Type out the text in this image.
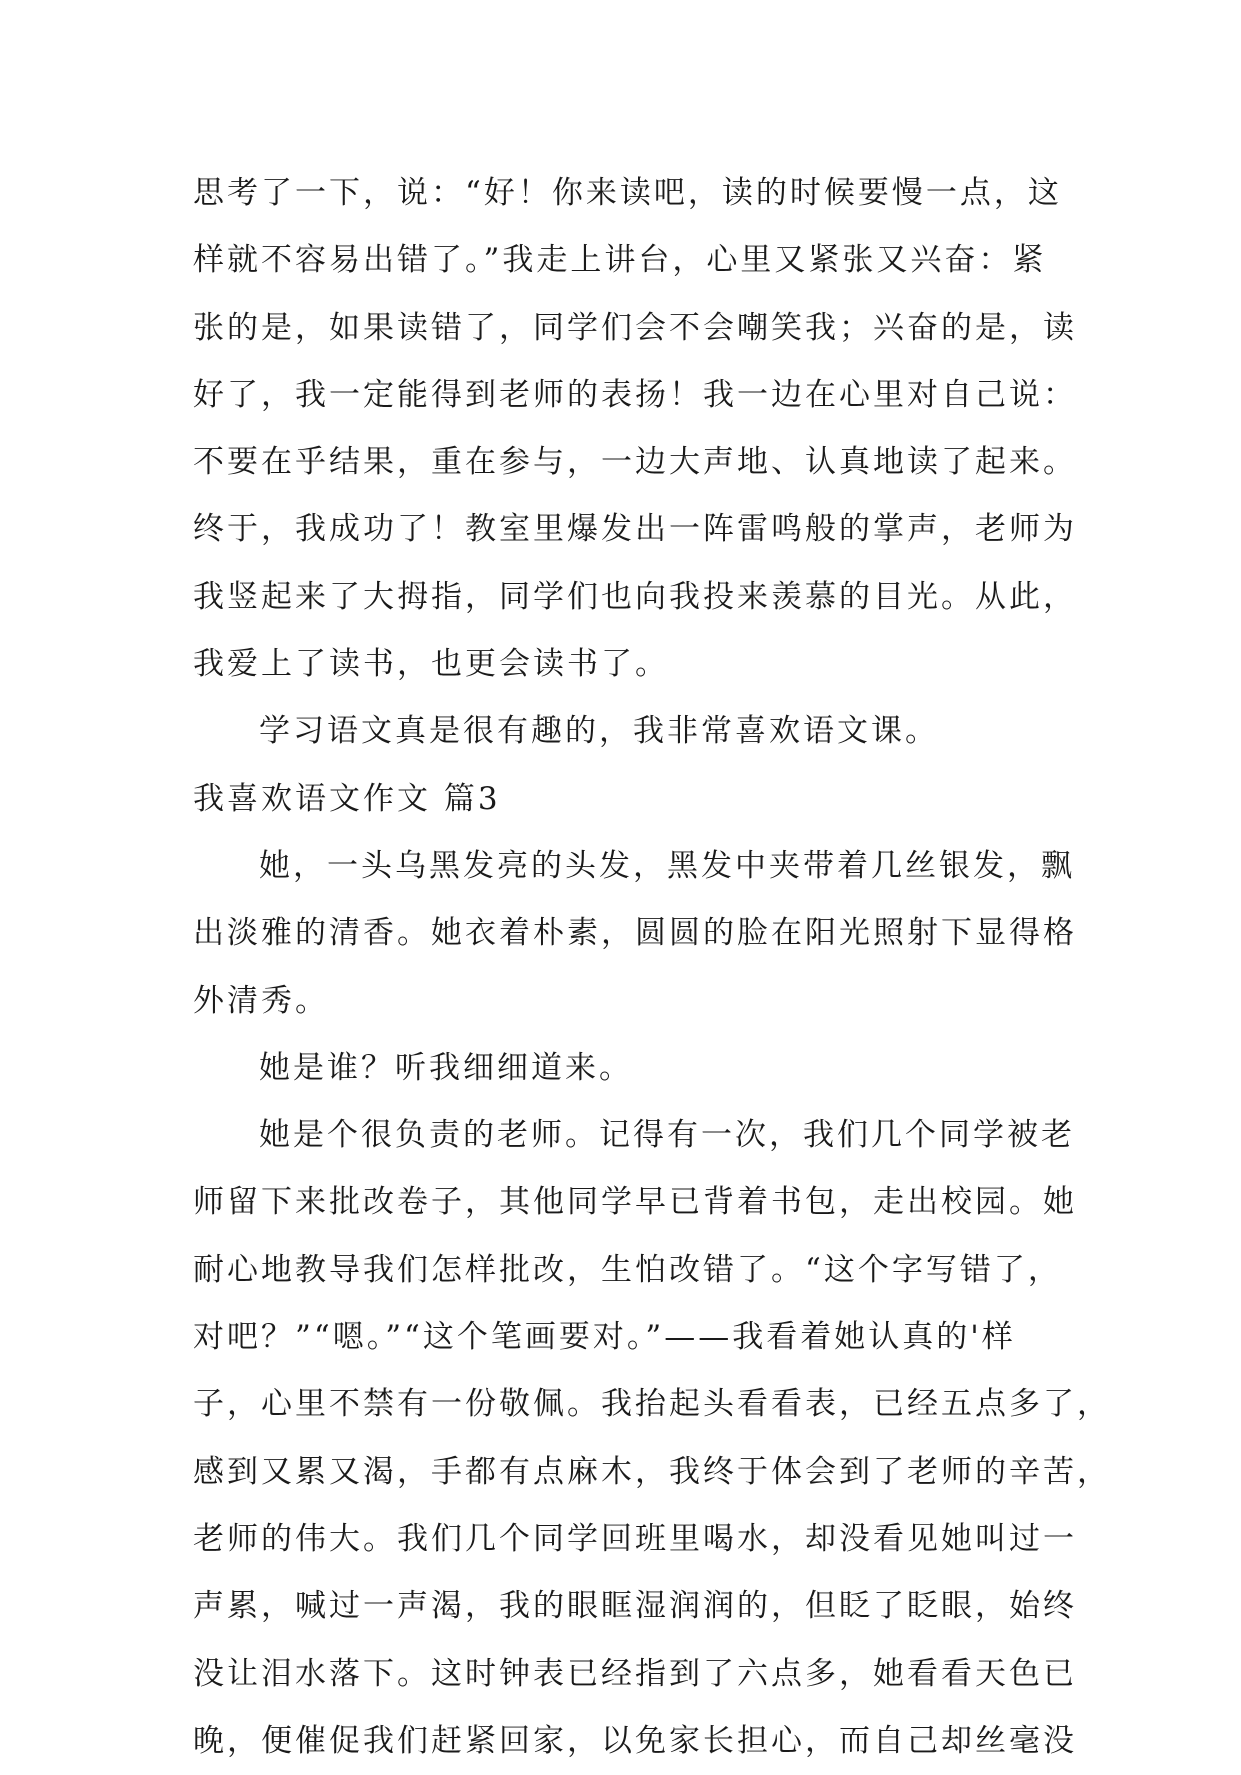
思考了一下，说：“好！你来读吧，读的时候要慢一点，这
样就不容易出错了。”我走上讲台，心里又紧张又兴奋：紧
张的是，如果读错了，同学们会不会嘲笑我；兴奋的是，读
好了，我一定能得到老师的表扬！我一边在心里对自己说：
不要在乎结果，重在参与，一边大声地、认真地读了起来。
终于，我成功了！教室里爆发出一阵雷鸣般的掌声，老师为
我竖起来了大拇指，同学们也向我投来羡慕的目光。从此，
我爱上了读书，也更会读书了。
学习语文真是很有趣的，我非常喜欢语文课。
我喜欢语文作文 篇3
她，一头乌黑发亮的头发，黑发中夹带着几丝银发，飘
出淡雅的清香。她衣着朴素，圆圆的脸在阳光照射下显得格
外清秀。
她是谁？听我细细道来。
她是个很负责的老师。记得有一次，我们几个同学被老
师留下来批改卷子，其他同学早已背着书包，走出校园。她
耐心地教导我们怎样批改，生怕改错了。“这个字写错了，
对吧？”“嗯。”“这个笔画要对。”——我看着她认真的'样
子，心里不禁有一份敬佩。我抬起头看看表，已经五点多了，
感到又累又渴，手都有点麻木，我终于体会到了老师的辛苦，
老师的伟大。我们几个同学回班里喝水，却没看见她叫过一
声累，喊过一声渴，我的眼眶湿润润的，但眨了眨眼，始终
没让泪水落下。这时钟表已经指到了六点多，她看看天色已
晚，便催促我们赶紧回家，以免家长担心，而自己却丝毫没
